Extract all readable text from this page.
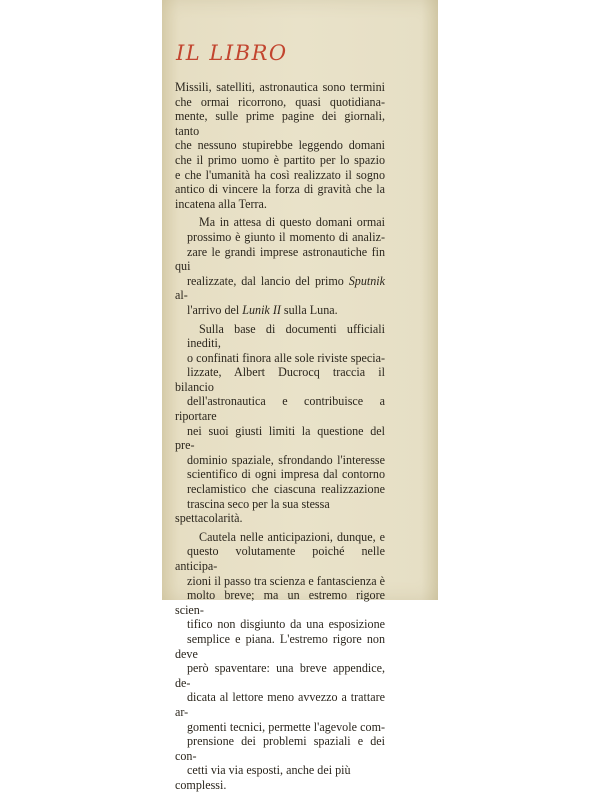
IL LIBRO

Missili, satelliti, astronautica sono termini
che ormai ricorrono, quasi quotidiana-
mente, sulle prime pagine dei giornali, tanto
che nessuno stupirebbe leggendo domani
che il primo uomo è partito per lo spazio
e che l'umanità ha così realizzato il sogno
antico di vincere la forza di gravità che la
incatena alla Terra.

Ma in attesa di questo domani ormai
prossimo è giunto il momento di analiz-
zare le grandi imprese astronautiche fin qui
realizzate, dal lancio del primo Sputnik al-
l'arrivo del Lunik II sulla Luna.

Sulla base di documenti ufficiali inediti,
o confinati finora alle sole riviste specia-
lizzate, Albert Ducrocq traccia il bilancio
dell'astronautica e contribuisce a riportare
nei suoi giusti limiti la questione del pre-
dominio spaziale, sfrondando l'interesse
scientifico di ogni impresa dal contorno
reclamistico che ciascuna realizzazione
trascina seco per la sua stessa spettacolarità.

Cautela nelle anticipazioni, dunque, e
questo volutamente poiché nelle anticipa-
zioni il passo tra scienza e fantascienza è
molto breve; ma un estremo rigore scien-
tifico non disgiunto da una esposizione
semplice e piana. L'estremo rigore non deve
però spaventare: una breve appendice, de-
dicata al lettore meno avvezzo a trattare ar-
gomenti tecnici, permette l'agevole com-
prensione dei problemi spaziali e dei con-
cetti via via esposti, anche dei più complessi.
